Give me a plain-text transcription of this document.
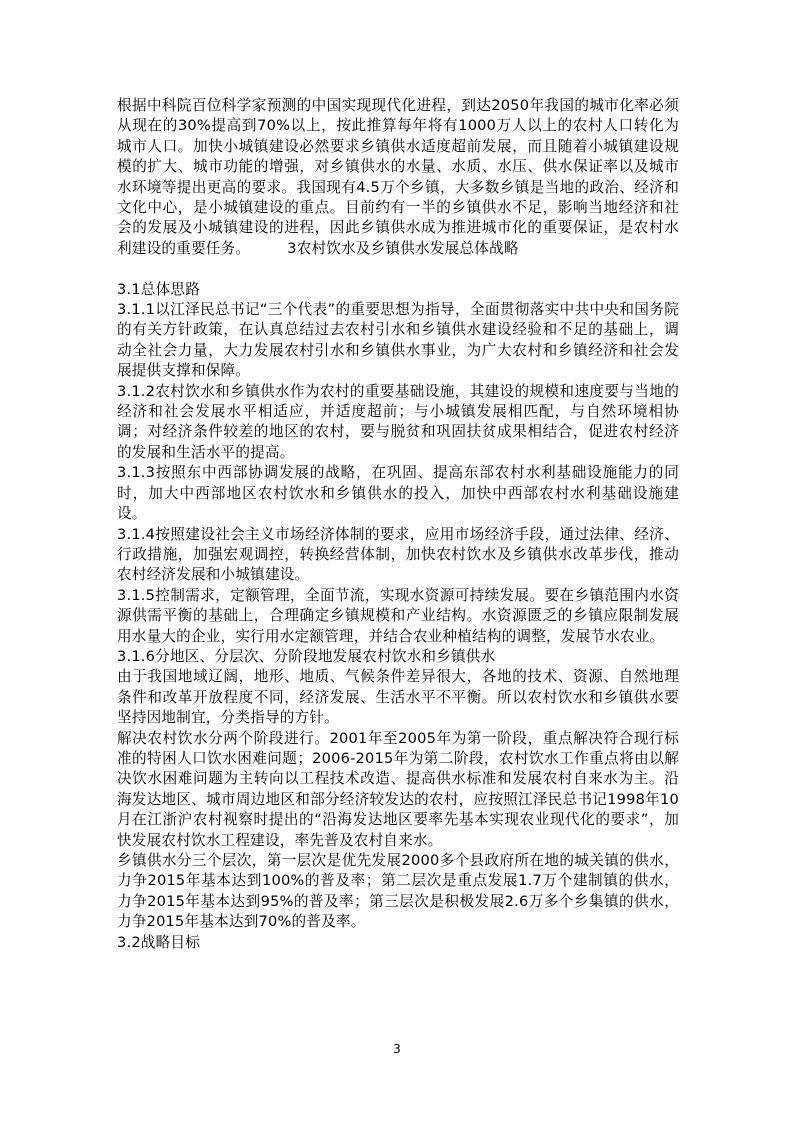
根据中科院百位科学家预测的中国实现现代化进程，到达2050年我国的城市化率必须从现在的30%提高到70%以上，按此推算每年将有1000万人以上的农村人口转化为城市人口。加快小城镇建设必然要求乡镇供水适度超前发展，而且随着小城镇建设规模的扩大、城市功能的增强，对乡镇供水的水量、水质、水压、供水保证率以及城市水环境等提出更高的要求。我国现有4.5万个乡镇，大多数乡镇是当地的政治、经济和文化中心，是小城镇建设的重点。目前约有一半的乡镇供水不足，影响当地经济和社会的发展及小城镇建设的进程，因此乡镇供水成为推进城市化的重要保证，是农村水利建设的重要任务。　　　3农村饮水及乡镇供水发展总体战略

3.1总体思路

3.1.1以江泽民总书记“三个代表”的重要思想为指导，全面贯彻落实中共中央和国务院的有关方针政策，在认真总结过去农村引水和乡镇供水建设经验和不足的基础上，调动全社会力量，大力发展农村引水和乡镇供水事业，为广大农村和乡镇经济和社会发展提供支撑和保障。

3.1.2农村饮水和乡镇供水作为农村的重要基础设施，其建设的规模和速度要与当地的经济和社会发展水平相适应，并适度超前；与小城镇发展相匹配，与自然环境相协调；对经济条件较差的地区的农村，要与脱贫和巩固扶贫成果相结合，促进农村经济的发展和生活水平的提高。

3.1.3按照东中西部协调发展的战略，在巩固、提高东部农村水利基础设施能力的同时，加大中西部地区农村饮水和乡镇供水的投入，加快中西部农村水利基础设施建设。

3.1.4按照建设社会主义市场经济体制的要求，应用市场经济手段，通过法律、经济、行政措施，加强宏观调控，转换经营体制，加快农村饮水及乡镇供水改革步伐，推动农村经济发展和小城镇建设。

3.1.5控制需求，定额管理，全面节流，实现水资源可持续发展。要在乡镇范围内水资源供需平衡的基础上，合理确定乡镇规模和产业结构。水资源匮乏的乡镇应限制发展用水量大的企业，实行用水定额管理，并结合农业种植结构的调整，发展节水农业。

3.1.6分地区、分层次、分阶段地发展农村饮水和乡镇供水

由于我国地域辽阔，地形、地质、气候条件差异很大，各地的技术、资源、自然地理条件和改革开放程度不同，经济发展、生活水平不平衡。所以农村饮水和乡镇供水要坚持因地制宜，分类指导的方针。

解决农村饮水分两个阶段进行。2001年至2005年为第一阶段，重点解决符合现行标准的特困人口饮水困难问题；2006-2015年为第二阶段，农村饮水工作重点将由以解决饮水困难问题为主转向以工程技术改造、提高供水标准和发展农村自来水为主。沿海发达地区、城市周边地区和部分经济较发达的农村，应按照江泽民总书记1998年10月在江浙沪农村视察时提出的“沿海发达地区要率先基本实现农业现代化的要求”，加快发展农村饮水工程建设，率先普及农村自来水。

乡镇供水分三个层次，第一层次是优先发展2000多个县政府所在地的城关镇的供水，力争2015年基本达到100%的普及率；第二层次是重点发展1.7万个建制镇的供水，力争2015年基本达到95%的普及率；第三层次是积极发展2.6万多个乡集镇的供水，力争2015年基本达到70%的普及率。

3.2战略目标

3
